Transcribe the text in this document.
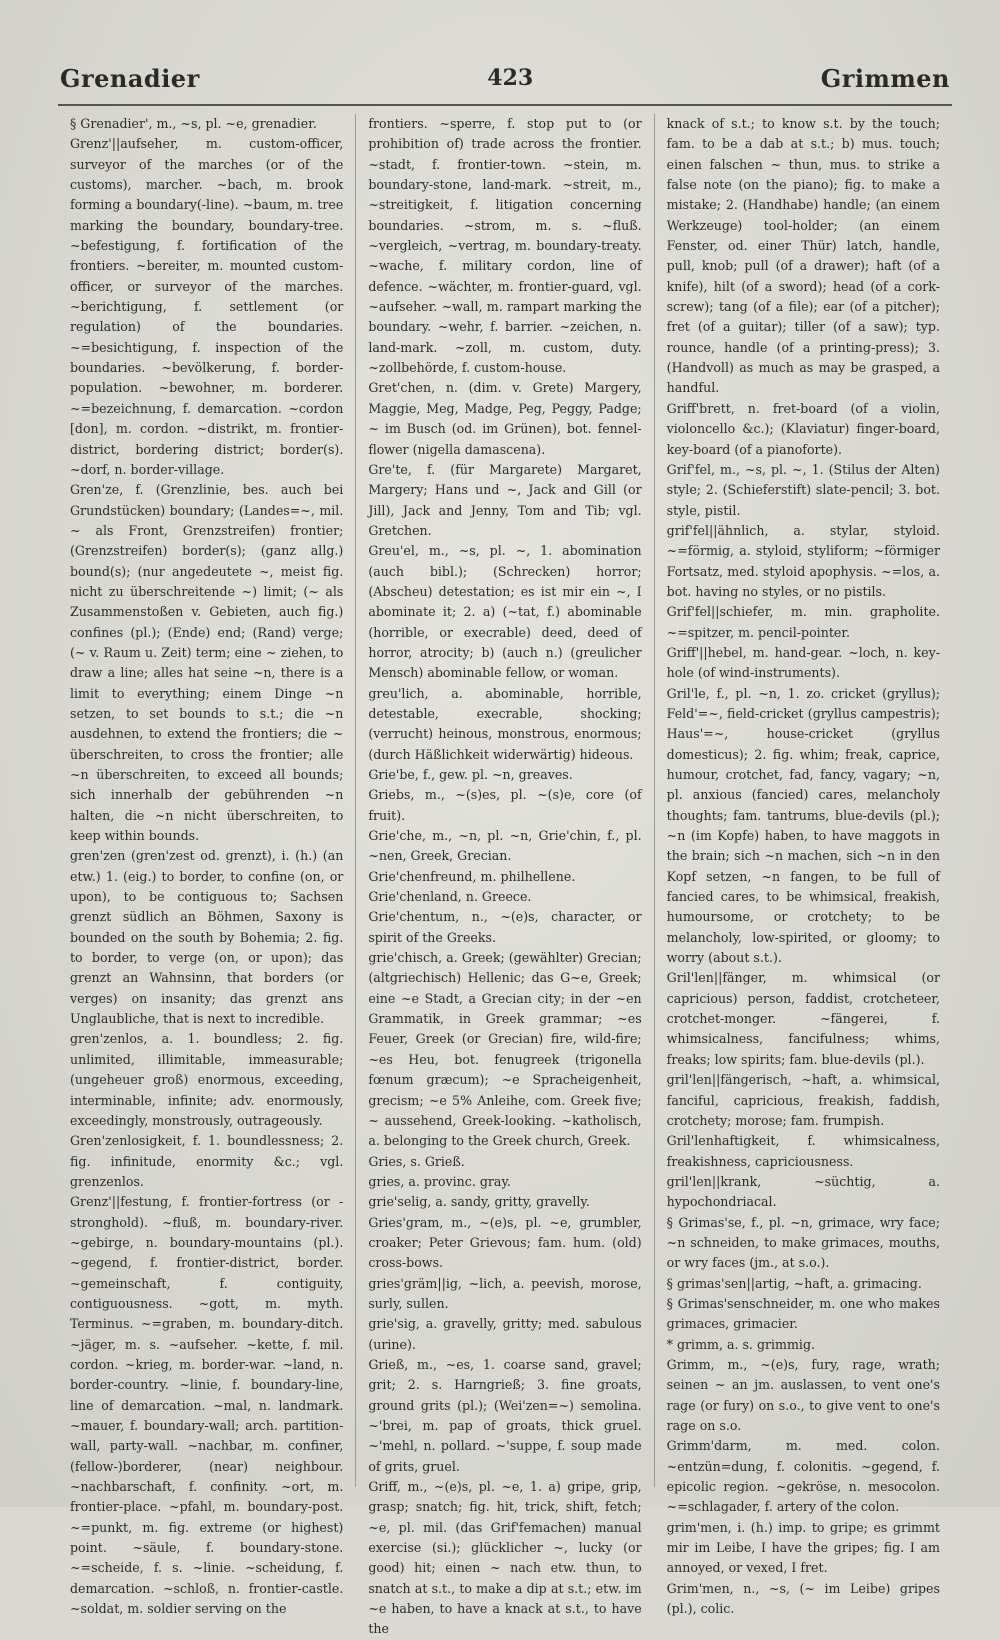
Grenadier	423	Grimmen

§ Grenadier', m., ~s, pl. ~e, grenadier.

Grenz'||aufseher, m. custom-officer, surveyor of the marches (or of the customs), marcher. ~bach, m. brook forming a boundary(-line). ~baum, m. tree marking the boundary, boundary-tree. ~befestigung, f. fortification of the frontiers. ~bereiter, m. mounted custom-officer, or surveyor of the marches. ~berichtigung, f. settlement (or regulation) of the boundaries. ~=besichtigung, f. inspection of the boundaries. ~bevölkerung, f. border-population. ~bewohner, m. borderer. ~=bezeichnung, f. demarcation. ~cordon [don], m. cordon. ~distrikt, m. frontier-district, bordering district; border(s). ~dorf, n. border-village.

Gren'ze, f. (Grenzlinie, bes. auch bei Grundstücken) boundary; (Landes=~, mil. ~ als Front, Grenzstreifen) frontier; (Grenzstreifen) border(s); (ganz allg.) bound(s); (nur angedeutete ~, meist fig. nicht zu überschreitende ~) limit; (~ als Zusammenstoßen v. Gebieten, auch fig.) confines (pl.); (Ende) end; (Rand) verge; (~ v. Raum u. Zeit) term; eine ~ ziehen, to draw a line; alles hat seine ~n, there is a limit to everything; einem Dinge ~n setzen, to set bounds to s.t.; die ~n ausdehnen, to extend the frontiers; die ~ überschreiten, to cross the frontier; alle ~n überschreiten, to exceed all bounds; sich innerhalb der gebührenden ~n halten, die ~n nicht überschreiten, to keep within bounds.

gren'zen (gren'zest od. grenzt), i. (h.) (an etw.) 1. (eig.) to border, to confine (on, or upon), to be contiguous to; Sachsen grenzt südlich an Böhmen, Saxony is bounded on the south by Bohemia; 2. fig. to border, to verge (on, or upon); das grenzt an Wahnsinn, that borders (or verges) on insanity; das grenzt ans Unglaubliche, that is next to incredible.

gren'zenlos, a. 1. boundless; 2. fig. unlimited, illimitable, immeasurable; (ungeheuer groß) enormous, exceeding, interminable, infinite; adv. enormously, exceedingly, monstrously, outrageously.

Gren'zenlosigkeit, f. 1. boundlessness; 2. fig. infinitude, enormity &c.; vgl. grenzenlos.

Grenz'||festung, f. frontier-fortress (or -stronghold). ~fluß, m. boundary-river. ~gebirge, n. boundary-mountains (pl.). ~gegend, f. frontier-district, border. ~gemeinschaft, f. contiguity, contiguousness. ~gott, m. myth. Terminus. ~=graben, m. boundary-ditch. ~jäger, m. s. ~aufseher. ~kette, f. mil. cordon. ~krieg, m. border-war. ~land, n. border-country. ~linie, f. boundary-line, line of demarcation. ~mal, n. landmark. ~mauer, f. boundary-wall; arch. partition-wall, party-wall. ~nachbar, m. confiner, (fellow-)borderer, (near) neighbour. ~nachbarschaft, f. confinity. ~ort, m. frontier-place. ~pfahl, m. boundary-post. ~=punkt, m. fig. extreme (or highest) point. ~säule, f. boundary-stone. ~=scheide, f. s. ~linie. ~scheidung, f. demarcation. ~schloß, n. frontier-castle. ~soldat, m. soldier serving on the

frontiers. ~sperre, f. stop put to (or prohibition of) trade across the frontier. ~stadt, f. frontier-town. ~stein, m. boundary-stone, land-mark. ~streit, m., ~streitigkeit, f. litigation concerning boundaries. ~strom, m. s. ~fluß. ~vergleich, ~vertrag, m. boundary-treaty. ~wache, f. military cordon, line of defence. ~wächter, m. frontier-guard, vgl. ~aufseher. ~wall, m. rampart marking the boundary. ~wehr, f. barrier. ~zeichen, n. land-mark. ~zoll, m. custom, duty. ~zollbehörde, f. custom-house.

Gret'chen, n. (dim. v. Grete) Margery, Maggie, Meg, Madge, Peg, Peggy, Padge; ~ im Busch (od. im Grünen), bot. fennel-flower (nigella damascena).

Gre'te, f. (für Margarete) Margaret, Margery; Hans und ~, Jack and Gill (or Jill), Jack and Jenny, Tom and Tib; vgl. Gretchen.

Greu'el, m., ~s, pl. ~, 1. abomination (auch bibl.); (Schrecken) horror; (Abscheu) detestation; es ist mir ein ~, I abominate it; 2. a) (~tat, f.) abominable (horrible, or execrable) deed, deed of horror, atrocity; b) (auch n.) (greulicher Mensch) abominable fellow, or woman.

greu'lich, a. abominable, horrible, detestable, execrable, shocking; (verrucht) heinous, monstrous, enormous; (durch Häßlichkeit widerwärtig) hideous.

Grie'be, f., gew. pl. ~n, greaves.

Griebs, m., ~(s)es, pl. ~(s)e, core (of fruit).

Grie'che, m., ~n, pl. ~n, Grie'chin, f., pl. ~nen, Greek, Grecian.

Grie'chenfreund, m. philhellene.

Grie'chenland, n. Greece.

Grie'chentum, n., ~(e)s, character, or spirit of the Greeks.

grie'chisch, a. Greek; (gewählter) Grecian; (altgriechisch) Hellenic; das G~e, Greek; eine ~e Stadt, a Grecian city; in der ~en Grammatik, in Greek grammar; ~es Feuer, Greek (or Grecian) fire, wild-fire; ~es Heu, bot. fenugreek (trigonella fœnum græcum); ~e Spracheigenheit, grecism; ~e 5% Anleihe, com. Greek five; ~ aussehend, Greek-looking. ~katholisch, a. belonging to the Greek church, Greek.

Gries, s. Grieß.

gries, a. provinc. gray.

grie'selig, a. sandy, gritty, gravelly.

Gries'gram, m., ~(e)s, pl. ~e, grumbler, croaker; Peter Grievous; fam. hum. (old) cross-bows.

gries'gräm||ig, ~lich, a. peevish, morose, surly, sullen.

grie'sig, a. gravelly, gritty; med. sabulous (urine).

Grieß, m., ~es, 1. coarse sand, gravel; grit; 2. s. Harngrieß; 3. fine groats, ground grits (pl.); (Wei'zen=~) semolina. ~'brei, m. pap of groats, thick gruel. ~'mehl, n. pollard. ~'suppe, f. soup made of grits, gruel.

Griff, m., ~(e)s, pl. ~e, 1. a) gripe, grip, grasp; snatch; fig. hit, trick, shift, fetch; ~e, pl. mil. (das Grif'femachen) manual exercise (si.); glücklicher ~, lucky (or good) hit; einen ~ nach etw. thun, to snatch at s.t., to make a dip at s.t.; etw. im ~e haben, to have a knack at s.t., to have the

knack of s.t.; to know s.t. by the touch; fam. to be a dab at s.t.; b) mus. touch; einen falschen ~ thun, mus. to strike a false note (on the piano); fig. to make a mistake; 2. (Handhabe) handle; (an einem Werkzeuge) tool-holder; (an einem Fenster, od. einer Thür) latch, handle, pull, knob; pull (of a drawer); haft (of a knife), hilt (of a sword); head (of a cork-screw); tang (of a file); ear (of a pitcher); fret (of a guitar); tiller (of a saw); typ. rounce, handle (of a printing-press); 3. (Handvoll) as much as may be grasped, a handful.

Griff'brett, n. fret-board (of a violin, violoncello &c.); (Klaviatur) finger-board, key-board (of a pianoforte).

Grif'fel, m., ~s, pl. ~, 1. (Stilus der Alten) style; 2. (Schieferstift) slate-pencil; 3. bot. style, pistil.

grif'fel||ähnlich, a. stylar, styloid. ~=förmig, a. styloid, styliform; ~förmiger Fortsatz, med. styloid apophysis. ~=los, a. bot. having no styles, or no pistils.

Grif'fel||schiefer, m. min. grapholite. ~=spitzer, m. pencil-pointer.

Griff'||hebel, m. hand-gear. ~loch, n. key-hole (of wind-instruments).

Gril'le, f., pl. ~n, 1. zo. cricket (gryllus); Feld'=~, field-cricket (gryllus campestris); Haus'=~, house-cricket (gryllus domesticus); 2. fig. whim; freak, caprice, humour, crotchet, fad, fancy, vagary; ~n, pl. anxious (fancied) cares, melancholy thoughts; fam. tantrums, blue-devils (pl.); ~n (im Kopfe) haben, to have maggots in the brain; sich ~n machen, sich ~n in den Kopf setzen, ~n fangen, to be full of fancied cares, to be whimsical, freakish, humoursome, or crotchety; to be melancholy, low-spirited, or gloomy; to worry (about s.t.).

Gril'len||fänger, m. whimsical (or capricious) person, faddist, crotcheteer, crotchet-monger. ~fängerei, f. whimsicalness, fancifulness; whims, freaks; low spirits; fam. blue-devils (pl.).

gril'len||fängerisch, ~haft, a. whimsical, fanciful, capricious, freakish, faddish, crotchety; morose; fam. frumpish.

Gril'lenhaftigkeit, f. whimsicalness, freakishness, capriciousness.

gril'len||krank, ~süchtig, a. hypochondriacal.

§ Grimas'se, f., pl. ~n, grimace, wry face; ~n schneiden, to make grimaces, mouths, or wry faces (jm., at s.o.).

§ grimas'sen||artig, ~haft, a. grimacing.

§ Grimas'senschneider, m. one who makes grimaces, grimacier.

* grimm, a. s. grimmig.

Grimm, m., ~(e)s, fury, rage, wrath; seinen ~ an jm. auslassen, to vent one's rage (or fury) on s.o., to give vent to one's rage on s.o.

Grimm'darm, m. med. colon. ~entzün=dung, f. colonitis. ~gegend, f. epicolic region. ~gekröse, n. mesocolon. ~=schlagader, f. artery of the colon.

grim'men, i. (h.) imp. to gripe; es grimmt mir im Leibe, I have the gripes; fig. I am annoyed, or vexed, I fret.

Grim'men, n., ~s, (~ im Leibe) gripes (pl.), colic.
